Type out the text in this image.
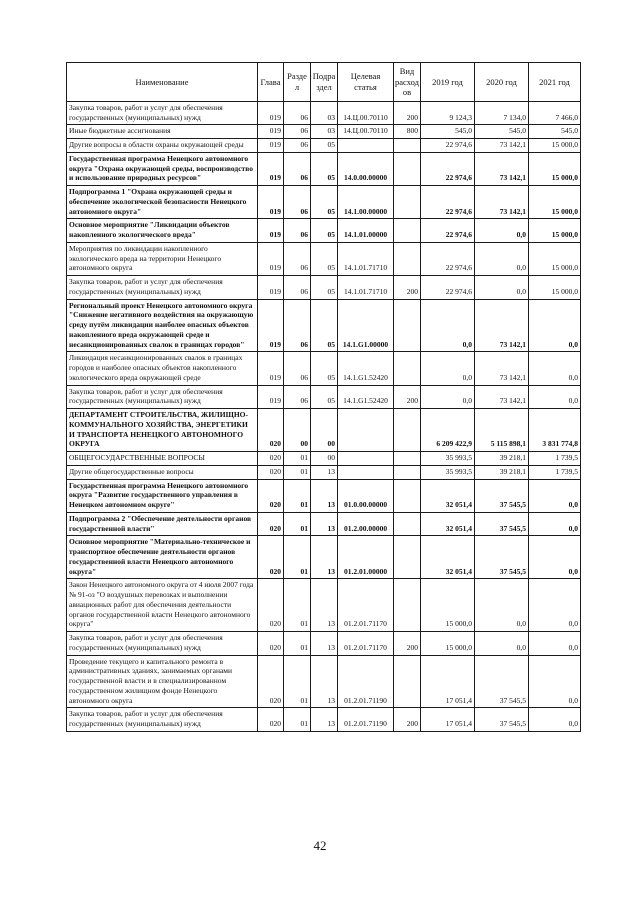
Наименование	Глава	Раздел	Подраздел	Целевая статья	Вид расходов	2019 год	2020 год	2021 год
Закупка товаров, работ и услуг для обеспечения государственных (муниципальных) нужд	019	06	03	14.Ц.00.70110	200	9 124,3	7 134,0	7 466,0
Иные бюджетные ассигнования	019	06	03	14.Ц.00.70110	800	545,0	545,0	545,0
Другие вопросы в области охраны окружающей среды	019	06	05			22 974,6	73 142,1	15 000,0
Государственная программа Ненецкого автономного округа "Охрана окружающей среды, воспроизводство и использование природных ресурсов"	019	06	05	14.0.00.00000		22 974,6	73 142,1	15 000,0
Подпрограмма 1 "Охрана окружающей среды и обеспечение экологической безопасности Ненецкого автономного округа"	019	06	05	14.1.00.00000		22 974,6	73 142,1	15 000,0
Основное мероприятие "Ликвидации объектов накопленного экологического вреда"	019	06	05	14.1.01.00000		22 974,6	0,0	15 000,0
Мероприятия по ликвидации накопленного экологического вреда на территории Ненецкого автономного округа	019	06	05	14.1.01.71710		22 974,6	0,0	15 000,0
Закупка товаров, работ и услуг для обеспечения государственных (муниципальных) нужд	019	06	05	14.1.01.71710	200	22 974,6	0,0	15 000,0
Региональный проект Ненецкого автономного округа "Снижение негативного воздействия на окружающую среду путём ликвидации наиболее опасных объектов накопленного вреда окружающей среде и несанкционированных свалок в границах городов"	019	06	05	14.1.G1.00000		0,0	73 142,1	0,0
Ликвидация несанкционированных свалок в границах городов и наиболее опасных объектов накопленного экологического вреда окружающей среде	019	06	05	14.1.G1.52420		0,0	73 142,1	0,0
Закупка товаров, работ и услуг для обеспечения государственных (муниципальных) нужд	019	06	05	14.1.G1.52420	200	0,0	73 142,1	0,0
ДЕПАРТАМЕНТ СТРОИТЕЛЬСТВА, ЖИЛИЩНО-КОММУНАЛЬНОГО ХОЗЯЙСТВА, ЭНЕРГЕТИКИ И ТРАНСПОРТА НЕНЕЦКОГО АВТОНОМНОГО ОКРУГА	020	00	00			6 209 422,9	5 115 898,1	3 831 774,8
ОБЩЕГОСУДАРСТВЕННЫЕ ВОПРОСЫ	020	01	00			35 993,5	39 218,1	1 739,5
Другие общегосударственные вопросы	020	01	13			35 993,5	39 218,1	1 739,5
Государственная программа Ненецкого автономного округа "Развитие государственного управления в Ненецком автономном округе"	020	01	13	01.0.00.00000		32 051,4	37 545,5	0,0
Подпрограмма 2 "Обеспечение деятельности органов государственной власти"	020	01	13	01.2.00.00000		32 051,4	37 545,5	0,0
Основное мероприятие "Материально-техническое и транспортное обеспечение деятельности органов государственной власти Ненецкого автономного округа"	020	01	13	01.2.01.00000		32 051,4	37 545,5	0,0
Закон Ненецкого автономного округа от 4 июля 2007 года № 91-оз "О воздушных перевозках и выполнении авиационных работ для обеспечения деятельности органов государственной власти Ненецкого автономного округа"	020	01	13	01.2.01.71170		15 000,0	0,0	0,0
Закупка товаров, работ и услуг для обеспечения государственных (муниципальных) нужд	020	01	13	01.2.01.71170	200	15 000,0	0,0	0,0
Проведение текущего и капитального ремонта в административных зданиях, занимаемых органами государственной власти и в специализированном государственном жилищном фонде Ненецкого автономного округа	020	01	13	01.2.01.71190		17 051,4	37 545,5	0,0
Закупка товаров, работ и услуг для обеспечения государственных (муниципальных) нужд	020	01	13	01.2.01.71190	200	17 051,4	37 545,5	0,0
42
